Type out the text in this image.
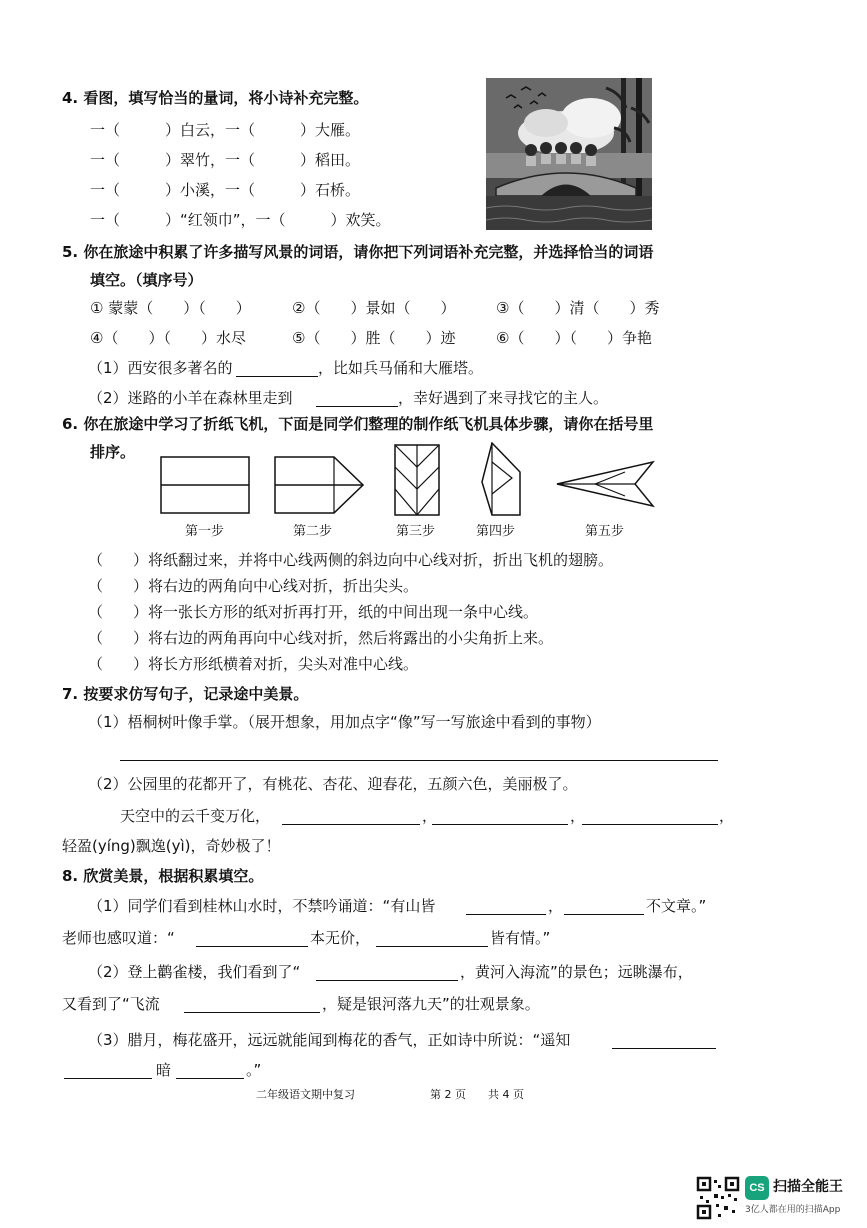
4. 看图，填写恰当的量词，将小诗补充完整。
一（　　　）白云，一（　　　）大雁。
一（　　　）翠竹，一（　　　）稻田。
一（　　　）小溪，一（　　　）石桥。
一（　　　）“红领巾”，一（　　　）欢笑。
5. 你在旅途中积累了许多描写风景的词语，请你把下列词语补充完整，并选择恰当的词语
填空。（填序号）
① 蒙蒙（　　）（　　）	②（　　）景如（　　）	③（　　）清（　　）秀
④（　　）（　　）水尽	⑤（　　）胜（　　）迹	⑥（　　）（　　）争艳
（1）西安很多著名的	，比如兵马俑和大雁塔。
（2）迷路的小羊在森林里走到	，幸好遇到了来寻找它的主人。
6. 你在旅途中学习了折纸飞机，下面是同学们整理的制作纸飞机具体步骤，请你在括号里
排序。
第一步	第二步	第三步	第四步	第五步
（　　）将纸翻过来，并将中心线两侧的斜边向中心线对折，折出飞机的翅膀。
（　　）将右边的两角向中心线对折，折出尖头。
（　　）将一张长方形的纸对折再打开，纸的中间出现一条中心线。
（　　）将右边的两角再向中心线对折，然后将露出的小尖角折上来。
（　　）将长方形纸横着对折，尖头对准中心线。
7. 按要求仿写句子，记录途中美景。
（1）梧桐树叶像手掌。（展开想象，用加点字“像”写一写旅途中看到的事物）
（2）公园里的花都开了，有桃花、杏花、迎春花，五颜六色，美丽极了。
天空中的云千变万化，	，	，	，
轻盈(yíng)飘逸(yì)，奇妙极了！
8. 欣赏美景，根据积累填空。
（1）同学们看到桂林山水时，不禁吟诵道：“有山皆	，	不文章。”
老师也感叹道：“	本无价，	皆有情。”
（2）登上鹳雀楼，我们看到了“	，黄河入海流”的景色；远眺瀑布，
又看到了“飞流	，疑是银河落九天”的壮观景象。
（3）腊月，梅花盛开，远远就能闻到梅花的香气，正如诗中所说：“遥知
暗	。”
二年级语文期中复习	第 2 页　　共 4 页
CS 扫描全能王
3亿人都在用的扫描App
